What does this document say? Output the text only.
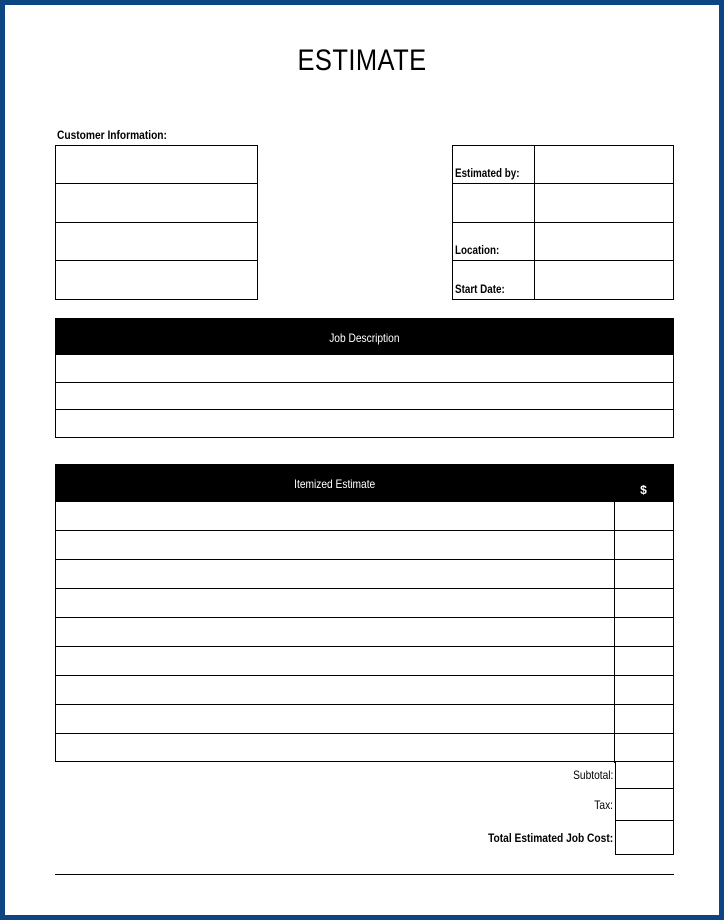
ESTIMATE
Customer Information:
Estimated by:
Location:
Start Date:
Job Description
Itemized Estimate	$
Subtotal:
Tax:
Total Estimated Job Cost:
